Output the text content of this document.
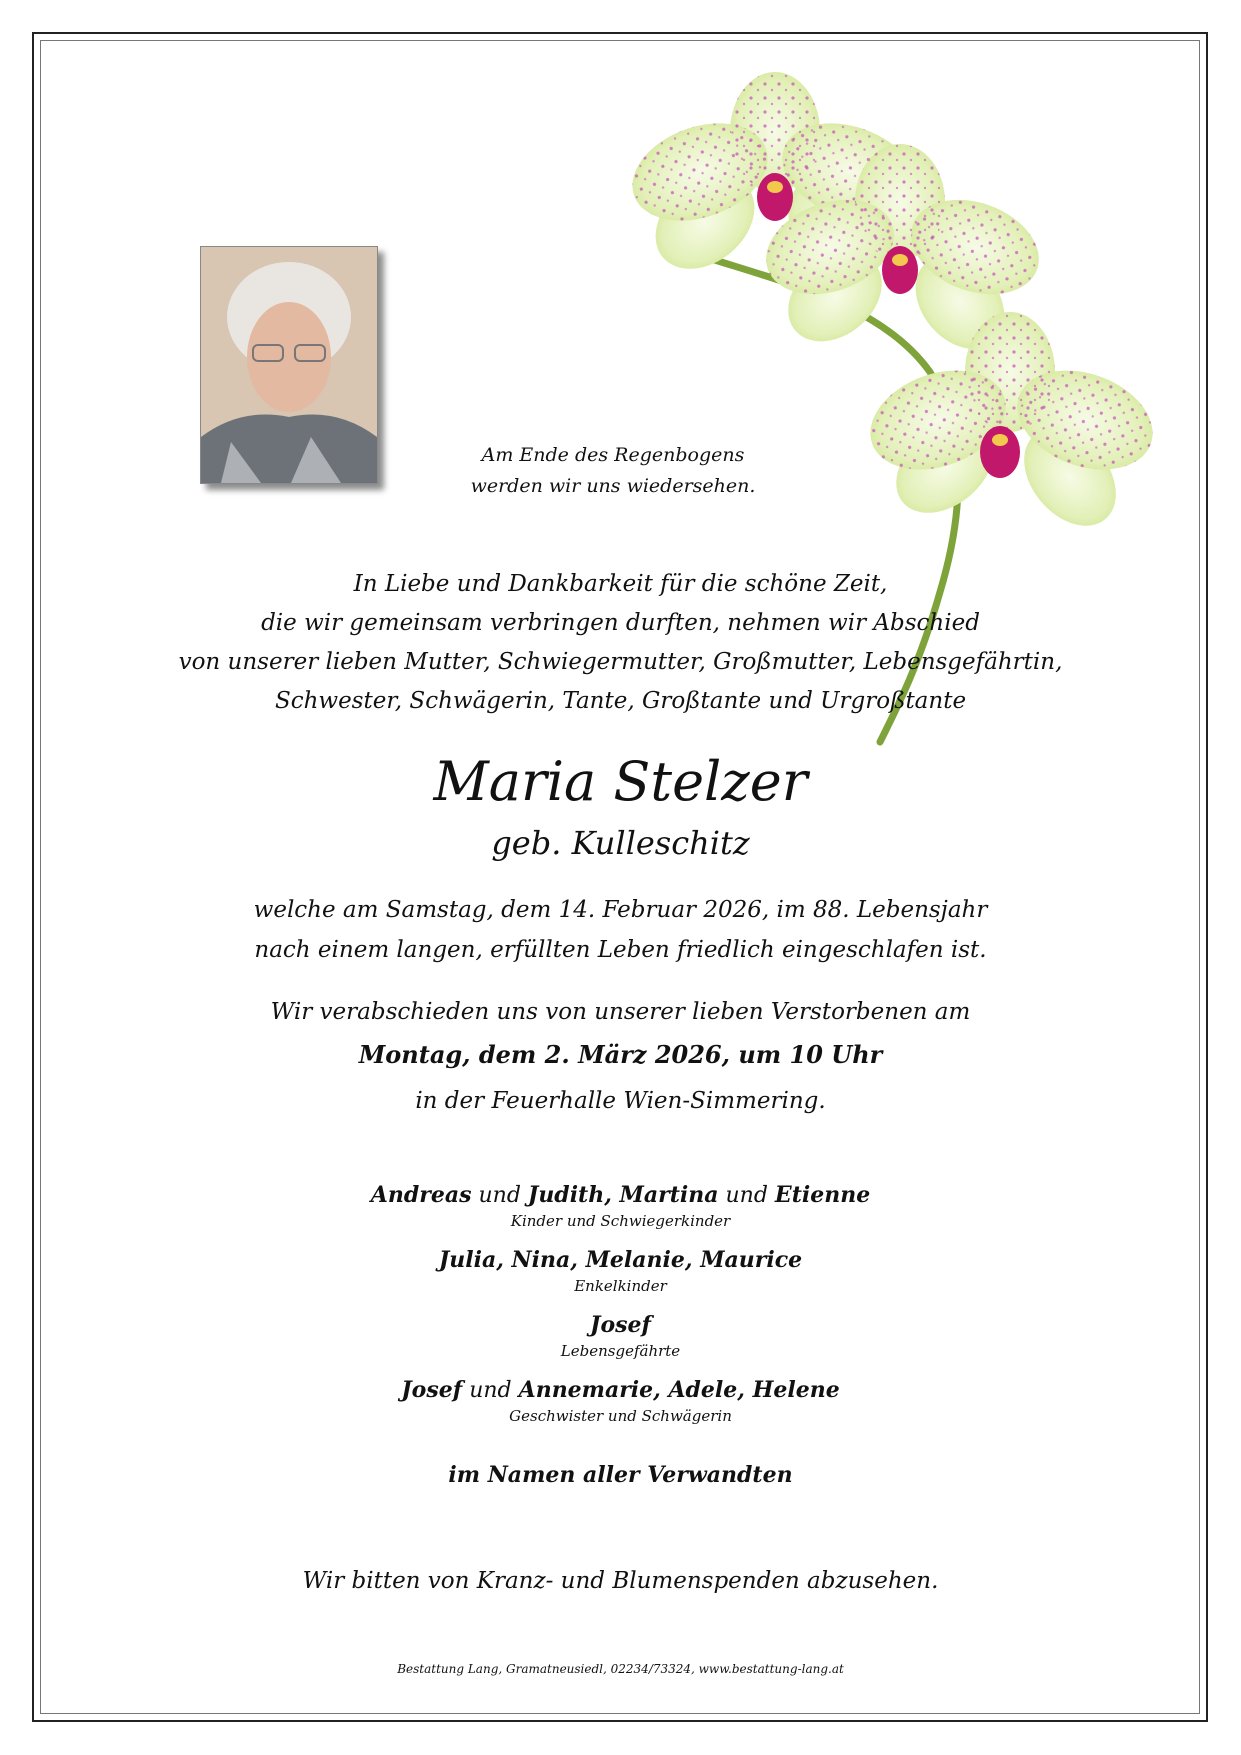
Am Ende des Regenbogens
werden wir uns wiedersehen.
In Liebe und Dankbarkeit für die schöne Zeit,
die wir gemeinsam verbringen durften, nehmen wir Abschied
von unserer lieben Mutter, Schwiegermutter, Großmutter, Lebensgefährtin,
Schwester, Schwägerin, Tante, Großtante und Urgroßtante
Maria Stelzer
geb. Kulleschitz
welche am Samstag, dem 14. Februar 2026, im 88. Lebensjahr
nach einem langen, erfüllten Leben friedlich eingeschlafen ist.
Wir verabschieden uns von unserer lieben Verstorbenen am
Montag, dem 2. März 2026, um 10 Uhr
in der Feuerhalle Wien-Simmering.
Andreas und Judith, Martina und Etienne
Kinder und Schwiegerkinder
Julia, Nina, Melanie, Maurice
Enkelkinder
Josef
Lebensgefährte
Josef und Annemarie, Adele, Helene
Geschwister und Schwägerin
im Namen aller Verwandten
Wir bitten von Kranz- und Blumenspenden abzusehen.
Bestattung Lang, Gramatneusiedl, 02234/73324, www.bestattung-lang.at
